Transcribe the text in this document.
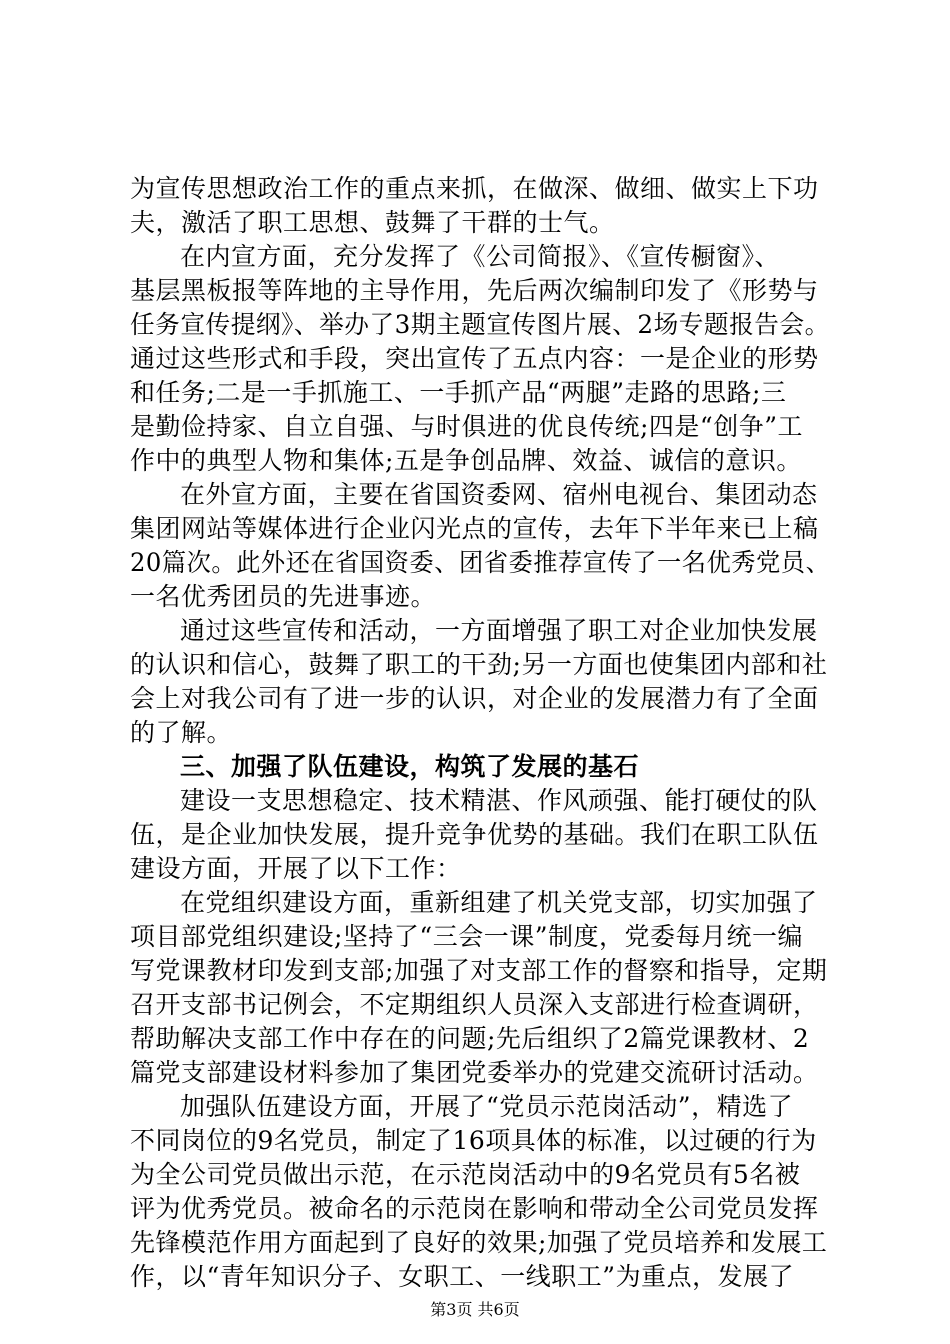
为宣传思想政治工作的重点来抓，在做深、做细、做实上下功
夫，激活了职工思想、鼓舞了干群的士气。
在内宣方面，充分发挥了《公司简报》、《宣传橱窗》、
基层黑板报等阵地的主导作用，先后两次编制印发了《形势与
任务宣传提纲》、举办了3期主题宣传图片展、2场专题报告会。
通过这些形式和手段，突出宣传了五点内容：一是企业的形势
和任务;二是一手抓施工、一手抓产品“两腿”走路的思路;三
是勤俭持家、自立自强、与时俱进的优良传统;四是“创争”工
作中的典型人物和集体;五是争创品牌、效益、诚信的意识。
在外宣方面，主要在省国资委网、宿州电视台、集团动态
集团网站等媒体进行企业闪光点的宣传，去年下半年来已上稿
20篇次。此外还在省国资委、团省委推荐宣传了一名优秀党员、
一名优秀团员的先进事迹。
通过这些宣传和活动，一方面增强了职工对企业加快发展
的认识和信心，鼓舞了职工的干劲;另一方面也使集团内部和社
会上对我公司有了进一步的认识，对企业的发展潜力有了全面
的了解。
三、加强了队伍建设，构筑了发展的基石
建设一支思想稳定、技术精湛、作风顽强、能打硬仗的队
伍，是企业加快发展，提升竞争优势的基础。我们在职工队伍
建设方面，开展了以下工作：
在党组织建设方面，重新组建了机关党支部，切实加强了
项目部党组织建设;坚持了“三会一课”制度，党委每月统一编
写党课教材印发到支部;加强了对支部工作的督察和指导，定期
召开支部书记例会，不定期组织人员深入支部进行检查调研，
帮助解决支部工作中存在的问题;先后组织了2篇党课教材、2
篇党支部建设材料参加了集团党委举办的党建交流研讨活动。
加强队伍建设方面，开展了“党员示范岗活动”，精选了
不同岗位的9名党员，制定了16项具体的标准，以过硬的行为
为全公司党员做出示范，在示范岗活动中的9名党员有5名被
评为优秀党员。被命名的示范岗在影响和带动全公司党员发挥
先锋模范作用方面起到了良好的效果;加强了党员培养和发展工
作，以“青年知识分子、女职工、一线职工”为重点，发展了
第3页 共6页
